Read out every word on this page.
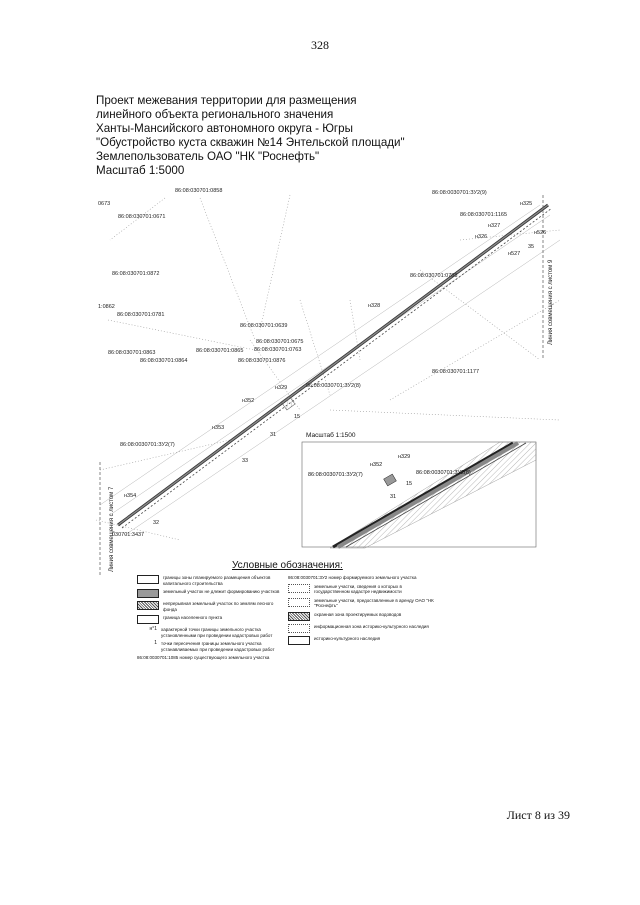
328
Проект межевания территории для размещения
линейного объекта регионального значения
Ханты-Мансийского автономного округа - Югры
"Обустройство куста скважин №14 Энтельской площади"
Землепользователь ОАО "НК "Роснефть"
Масштаб 1:5000
86:08:030701:0858
0673
86:08:030701:0671
86:08:030701:0872
1:0862
86:08:030701:0781
86:08:030701:0639
86:08:030701:0675
86:08:030701:0863	86:08:030701:0865 86:08:030701:0763
86:08:030701:0864	86:08:030701:0876
86:08:0030701:ЗУ2(9)
86:08:030701:1165
86:08:030701:0788
86:08:0030701:ЗУ2(8)
86:08:030701:1177
86:08:0030701:ЗУ2(7)
030701:3437
н325
н326
н327
н328
н329
н352
н353
н354
н526
н527
15
31
32
33
35
Линия совмещения с листом 9
Линия совмещения с листом 7
Масштаб 1:1500
н329
н352
86:08:0030701:ЗУ2(7)	86:08:0030701:ЗУ2(8)
15
31
Условные обозначения:
границы зоны планируемого размещения объектов капитального строительства
земельный участок не длежит формированию участков
непрерывная земельный участок по землям лесного фонда
граница населенного пункта
н°1 характерной точки границы земельного участка установленными при проведении кадастровых работ
1 точки пересечения границы земельного участка устанавливаемых при проведении кадастровых работ
86:08:0030701:1085 номер существующего земельного участка
86:08:0030701:ЗУ2 номер формируемого земельного участка
земельные участки, сведения о которых в государственном кадастре недвижимости
земельные участки, предоставленные в аренду ОАО "НК "Роснефть"
охранная зона проектируемых водоводов
информационная зона историко-культурного наследия
историко-культурного наследия
Лист 8 из 39
